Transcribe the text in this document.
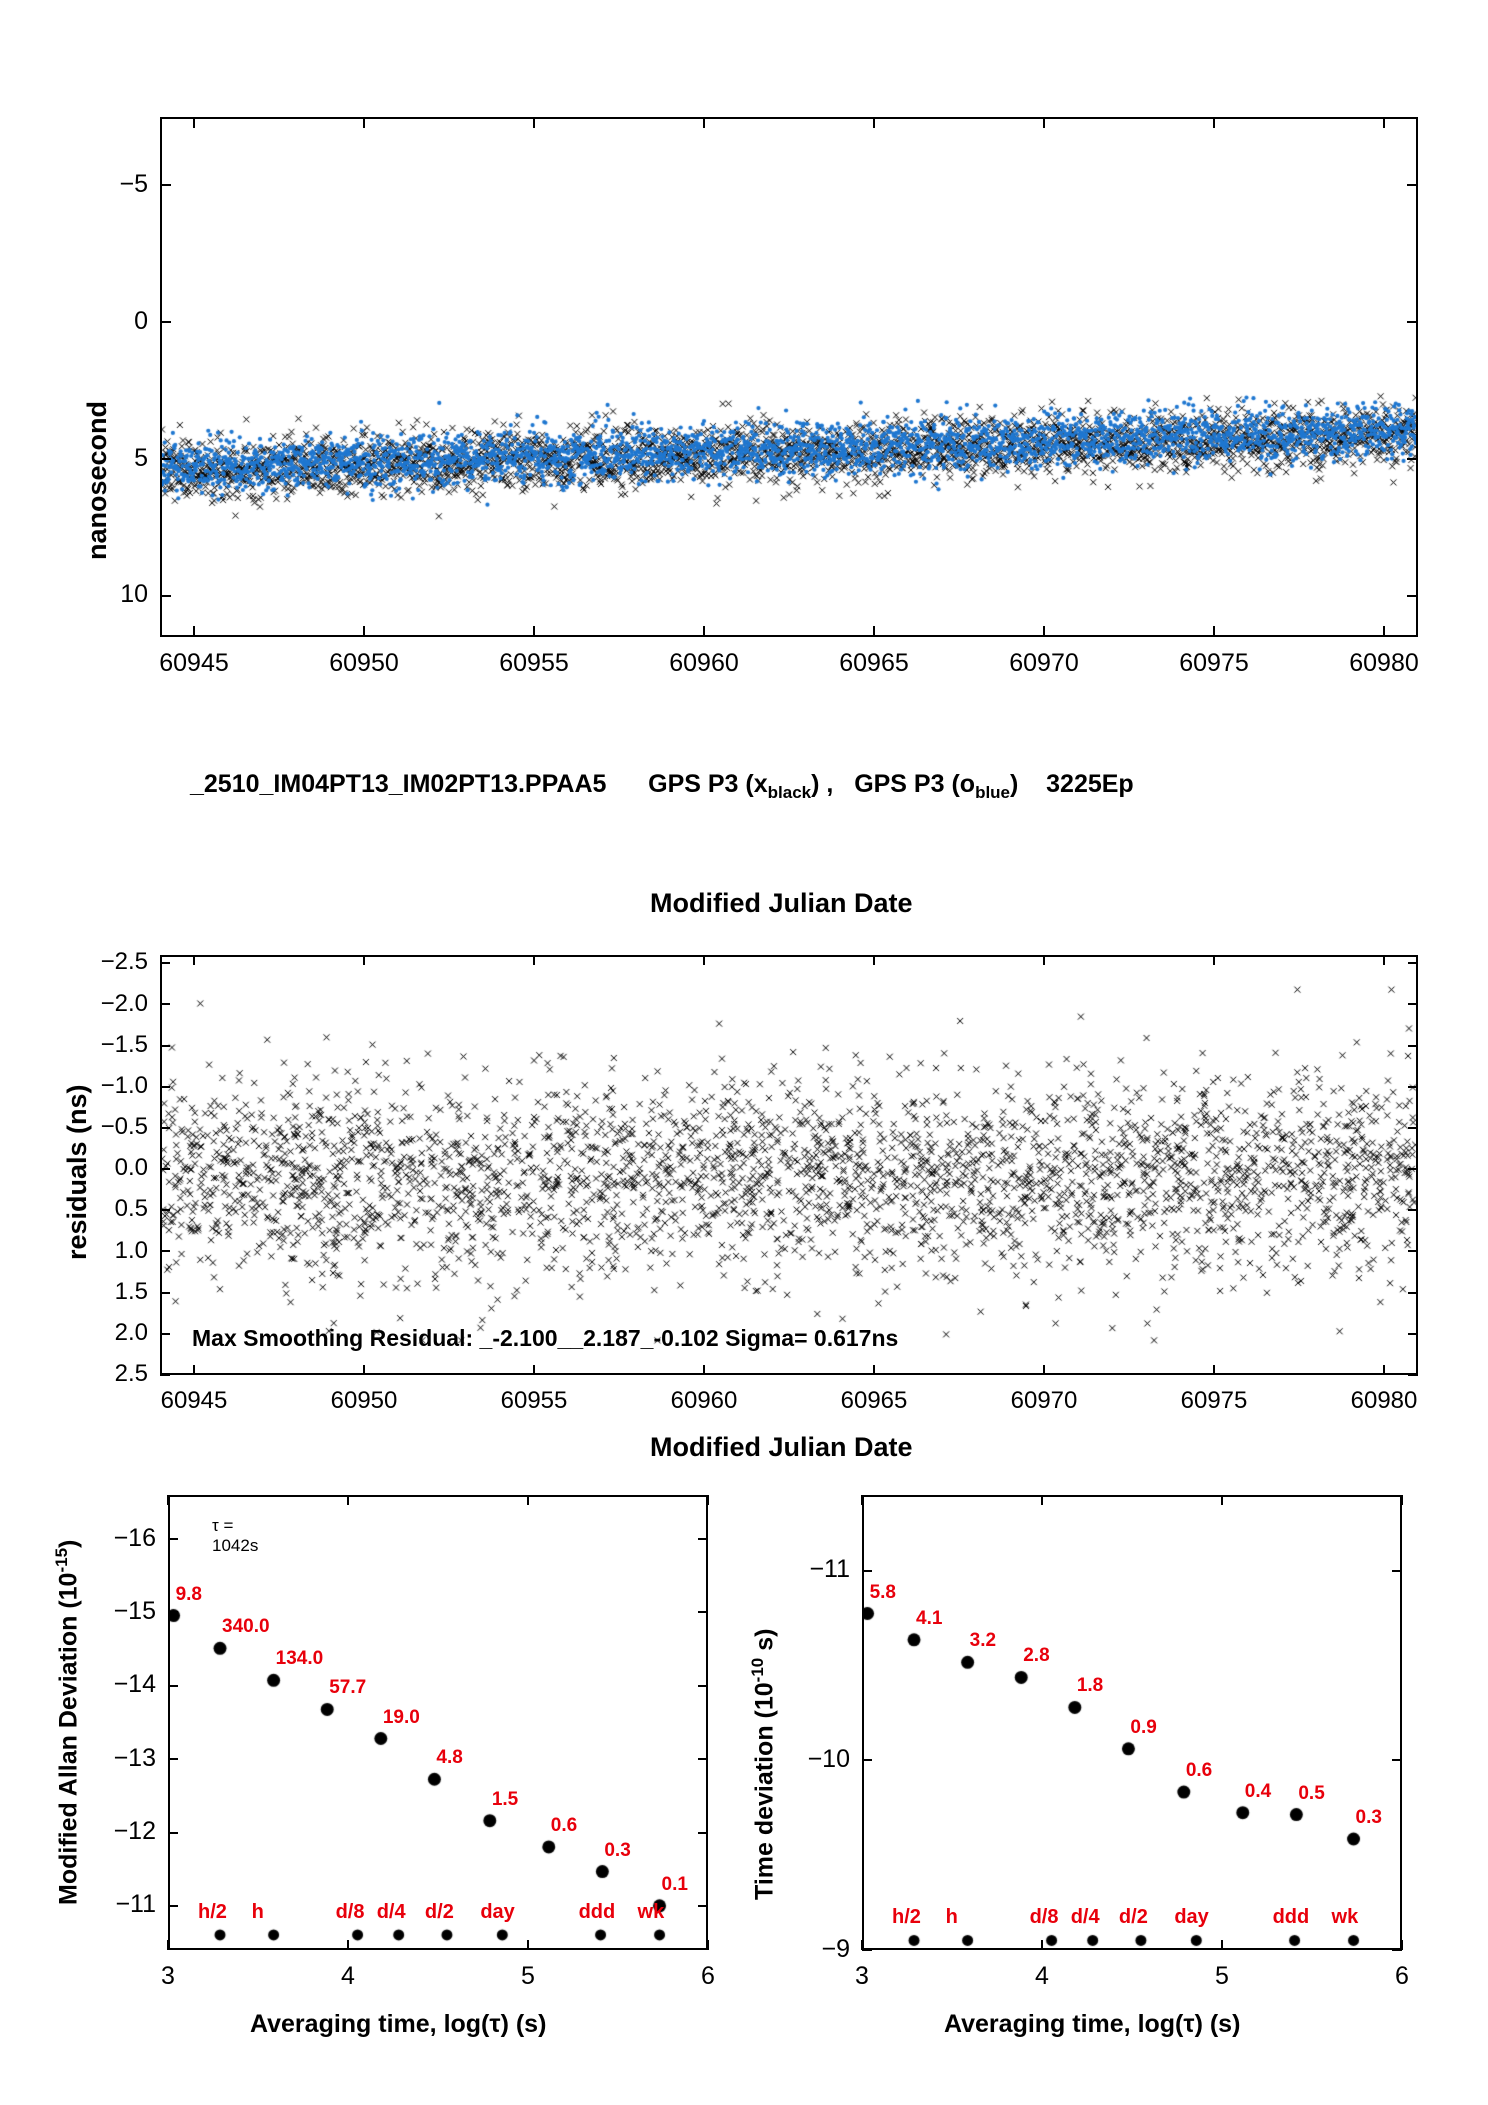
_2510_IM04PT13_IM02PT13.PPAA5 GPS P3 $(x_{black})$ , GPS P3 $(o_{blue})$ 3225Ep
nanosecond
Modified Julian Date
Max Smoothing Residual: _-2.100__2.187_-0.102 Sigma= 0.617ns
residuals (ns)
Modified Julian Date
τ = 1042s
Modified Allan Deviation $(10^{-15})$
Averaging time, log(τ) (s)
Time deviation ($10^{-10}$ s)
Averaging time, log(τ) (s)
60945	60950	60955	60960	60965	60970	60975	60980
10
5
0
−5
60945	60950	60955	60960	60965	60970	60975	60980
2.5
2.0
1.5
1.0
0.5
0.0
−0.5
−1.0
−1.5
−2.0
−2.5
3	4	5	6
−11
−12
−13
−14
−15
−16
9.8
340.0
134.0
57.7
19.0
4.8
1.5
0.6
0.3
0.1
h/2 h	d/8 d/4 d/2 day	ddd wk
3	4	5	6
−9
−10
−11
5.8
4.1
3.2
2.8
1.8
0.9
0.6
0.4 0.5
0.3
h/2 h	d/8 d/4 d/2 day	ddd wk
